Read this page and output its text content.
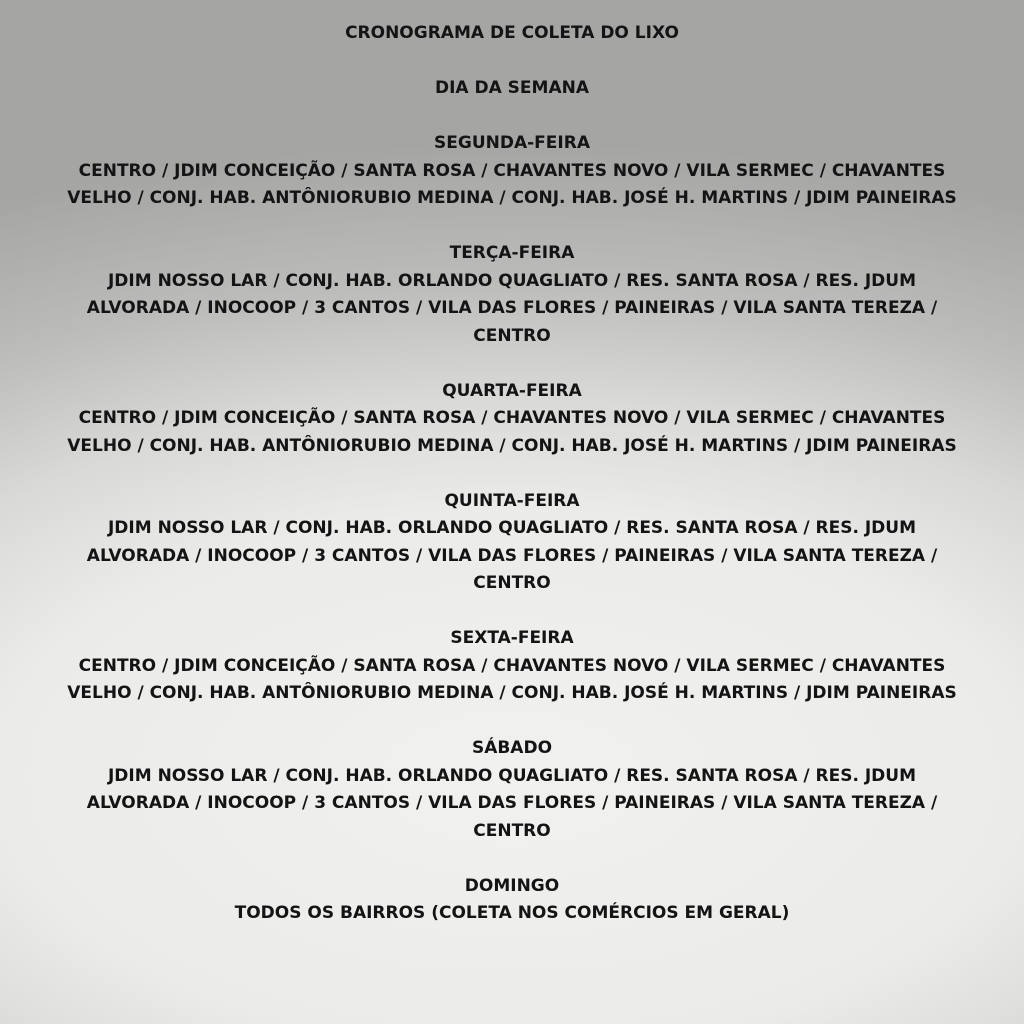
CRONOGRAMA DE COLETA DO LIXO
DIA DA SEMANA
SEGUNDA-FEIRA
CENTRO / JDIM CONCEIÇÃO / SANTA ROSA / CHAVANTES NOVO / VILA SERMEC / CHAVANTES
VELHO / CONJ. HAB. ANTÔNIORUBIO MEDINA / CONJ. HAB. JOSÉ H. MARTINS / JDIM PAINEIRAS
TERÇA-FEIRA
JDIM NOSSO LAR / CONJ. HAB. ORLANDO QUAGLIATO / RES. SANTA ROSA / RES. JDUM
ALVORADA / INOCOOP / 3 CANTOS / VILA DAS FLORES / PAINEIRAS / VILA SANTA TEREZA /
CENTRO
QUARTA-FEIRA
CENTRO / JDIM CONCEIÇÃO / SANTA ROSA / CHAVANTES NOVO / VILA SERMEC / CHAVANTES
VELHO / CONJ. HAB. ANTÔNIORUBIO MEDINA / CONJ. HAB. JOSÉ H. MARTINS / JDIM PAINEIRAS
QUINTA-FEIRA
JDIM NOSSO LAR / CONJ. HAB. ORLANDO QUAGLIATO / RES. SANTA ROSA / RES. JDUM
ALVORADA / INOCOOP / 3 CANTOS / VILA DAS FLORES / PAINEIRAS / VILA SANTA TEREZA /
CENTRO
SEXTA-FEIRA
CENTRO / JDIM CONCEIÇÃO / SANTA ROSA / CHAVANTES NOVO / VILA SERMEC / CHAVANTES
VELHO / CONJ. HAB. ANTÔNIORUBIO MEDINA / CONJ. HAB. JOSÉ H. MARTINS / JDIM PAINEIRAS
SÁBADO
JDIM NOSSO LAR / CONJ. HAB. ORLANDO QUAGLIATO / RES. SANTA ROSA / RES. JDUM
ALVORADA / INOCOOP / 3 CANTOS / VILA DAS FLORES / PAINEIRAS / VILA SANTA TEREZA /
CENTRO
DOMINGO
TODOS OS BAIRROS (COLETA NOS COMÉRCIOS EM GERAL)
